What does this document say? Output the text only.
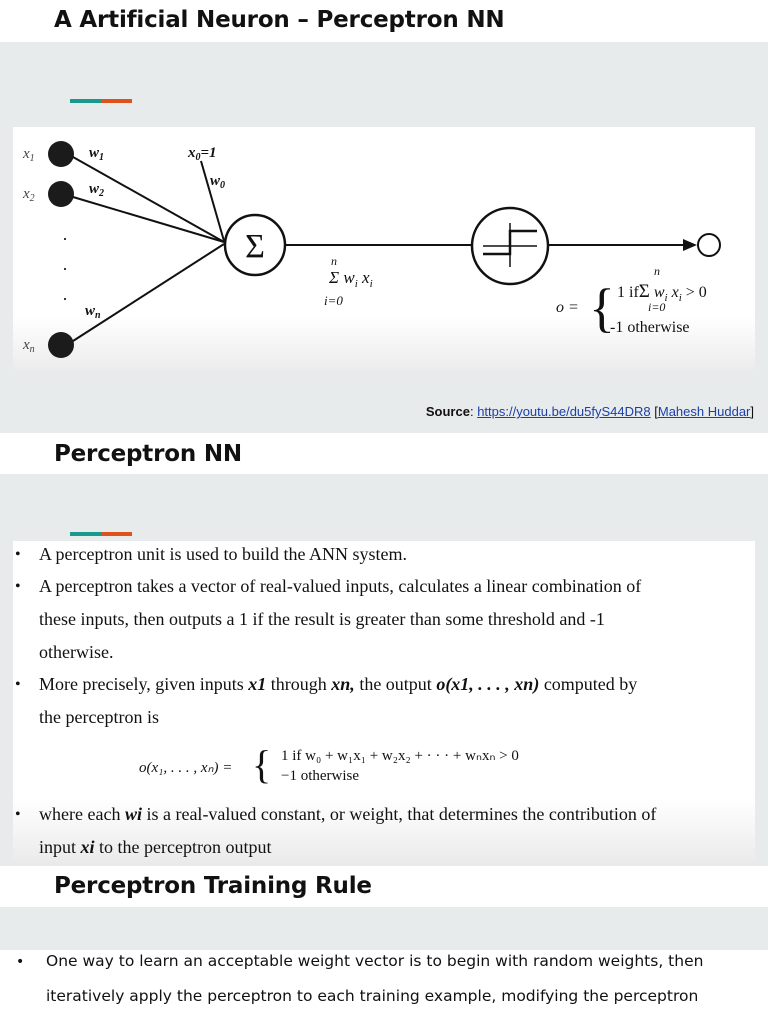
A Artificial Neuron – Perceptron NN
$x_1$
$x_2$
$x_n$
·
·
·
$w_1$
$w_2$
$w_n$
$x_0=1$
$w_0$
Σ	n
Σ $w_i$ $x_i$
i=0	o = {
n
1 ifΣ $w_i$ $x_i > 0$
i=0
-1 otherwise
Source: https://youtu.be/du5fyS44DR8 [Mahesh Huddar]
Perceptron NN
• A perceptron unit is used to build the ANN system.
• A perceptron takes a vector of real-valued inputs, calculates a linear combination of
these inputs, then outputs a 1 if the result is greater than some threshold and -1
otherwise.
• More precisely, given inputs x1 through xn, the output o(x1, . . . , xn) computed by
the perceptron is
o(x₁, . . . , xₙ) = { 1 if w₀ + w₁x₁ + w₂x₂ + · · · + wₙxₙ > 0
−1 otherwise
• where each wi is a real-valued constant, or weight, that determines the contribution of
input xi to the perceptron output
Perceptron Training Rule
• One way to learn an acceptable weight vector is to begin with random weights, then
iteratively apply the perceptron to each training example, modifying the perceptron
